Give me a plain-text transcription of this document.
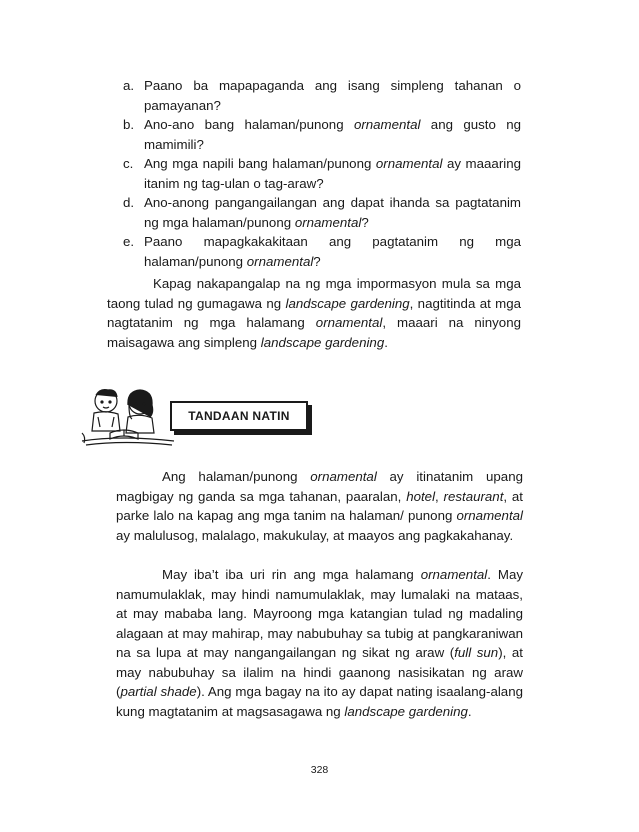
a. Paano ba mapapaganda ang isang simpleng tahanan o pamayanan?
b. Ano-ano bang halaman/punong ornamental ang gusto ng mamimili?
c. Ang mga napili bang halaman/punong ornamental ay maaaring itanim ng tag-ulan o tag-araw?
d. Ano-anong pangangailangan ang dapat ihanda sa pagtatanim ng mga halaman/punong ornamental?
e. Paano mapagkakakitaan ang pagtatanim ng mga halaman/punong ornamental?

Kapag nakapangalap na ng mga impormasyon mula sa mga taong tulad ng gumagawa ng landscape gardening, nagtitinda at mga nagtatanim ng mga halamang ornamental, maaari na ninyong maisagawa ang simpleng landscape gardening.

TANDAAN NATIN

Ang halaman/punong ornamental ay itinatanim upang magbigay ng ganda sa mga tahanan, paaralan, hotel, restaurant, at parke lalo na kapag ang mga tanim na halaman/ punong ornamental ay malulusog, malalago, makukulay, at maayos ang pagkakahanay.

May iba’t iba uri rin ang mga halamang ornamental. May namumulaklak, may hindi namumulaklak, may lumalaki na mataas, at may mababa lang. Mayroong mga katangian tulad ng madaling alagaan at may mahirap, may nabubuhay sa tubig at pangkaraniwan na sa lupa at may nangangailangan ng sikat ng araw (full sun), at may nabubuhay sa ilalim na hindi gaanong nasisikatan ng araw (partial shade). Ang mga bagay na ito ay dapat nating isaalang-alang kung magtatanim at magsasagawa ng landscape gardening.

328
